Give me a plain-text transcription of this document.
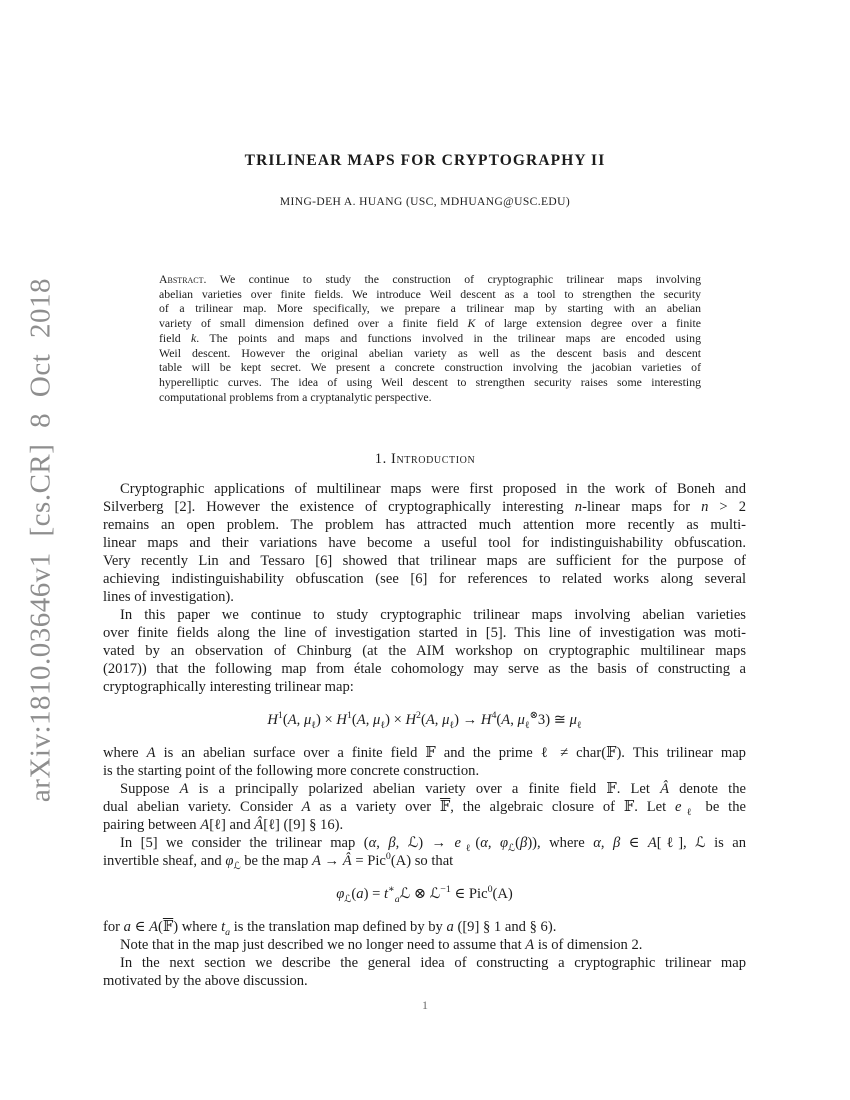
arXiv:1810.03646v1 [cs.CR] 8 Oct 2018
TRILINEAR MAPS FOR CRYPTOGRAPHY II
MING-DEH A. HUANG (USC, MDHUANG@USC.EDU)
Abstract. We continue to study the construction of cryptographic trilinear maps involving
abelian varieties over finite fields. We introduce Weil descent as a tool to strengthen the security
of a trilinear map. More specifically, we prepare a trilinear map by starting with an abelian
variety of small dimension defined over a finite field K of large extension degree over a finite
field k. The points and maps and functions involved in the trilinear maps are encoded using
Weil descent. However the original abelian variety as well as the descent basis and descent
table will be kept secret. We present a concrete construction involving the jacobian varieties of
hyperelliptic curves. The idea of using Weil descent to strengthen security raises some interesting
computational problems from a cryptanalytic perspective.
1. Introduction
Cryptographic applications of multilinear maps were first proposed in the work of Boneh and
Silverberg [2]. However the existence of cryptographically interesting n-linear maps for n > 2
remains an open problem. The problem has attracted much attention more recently as multi-
linear maps and their variations have become a useful tool for indistinguishability obfuscation.
Very recently Lin and Tessaro [6] showed that trilinear maps are sufficient for the purpose of
achieving indistinguishability obfuscation (see [6] for references to related works along several
lines of investigation).
In this paper we continue to study cryptographic trilinear maps involving abelian varieties
over finite fields along the line of investigation started in [5]. This line of investigation was moti-
vated by an observation of Chinburg (at the AIM workshop on cryptographic multilinear maps
(2017)) that the following map from étale cohomology may serve as the basis of constructing a
cryptographically interesting trilinear map:
$H^1(A$, $\mu_\ell) \times H^1(A$, $\mu_\ell) \times H^2(A$, $\mu_\ell) \to H^4(A$, $\mu_\ell^\otimes 3$) ≅ $\mu_\ell$
where A is an abelian surface over a finite field 𝔽 and the prime ℓ ≠ char(𝔽). This trilinear map
is the starting point of the following more concrete construction.
Suppose A is a principally polarized abelian variety over a finite field 𝔽. Let Â denote the
dual abelian variety. Consider A as a variety over 𝔽, the algebraic closure of 𝔽. Let $e_\ell$ be the
pairing between A[ℓ] and Â[ℓ] ([9] § 16).
In [5] we consider the trilinear map (α, β, ℒ) → $e_\ell(\alpha$, $\varphi_ℒ(\beta)$), where α, β ∈ A[ℓ], ℒ is an
invertible sheaf, and $\varphi_ℒ$ be the map A → Â = Pic$^0$(A) so that
$\varphi_ℒ(a)$ = $t^∗_aℒ$ ⊗ ℒ$^{-1}$ ∈ Pic$^0$(A)
for a ∈ A(𝔽) where $t_a$ is the translation map defined by by a ([9] § 1 and § 6).
Note that in the map just described we no longer need to assume that A is of dimension 2.
In the next section we describe the general idea of constructing a cryptographic trilinear map
motivated by the above discussion.
1
